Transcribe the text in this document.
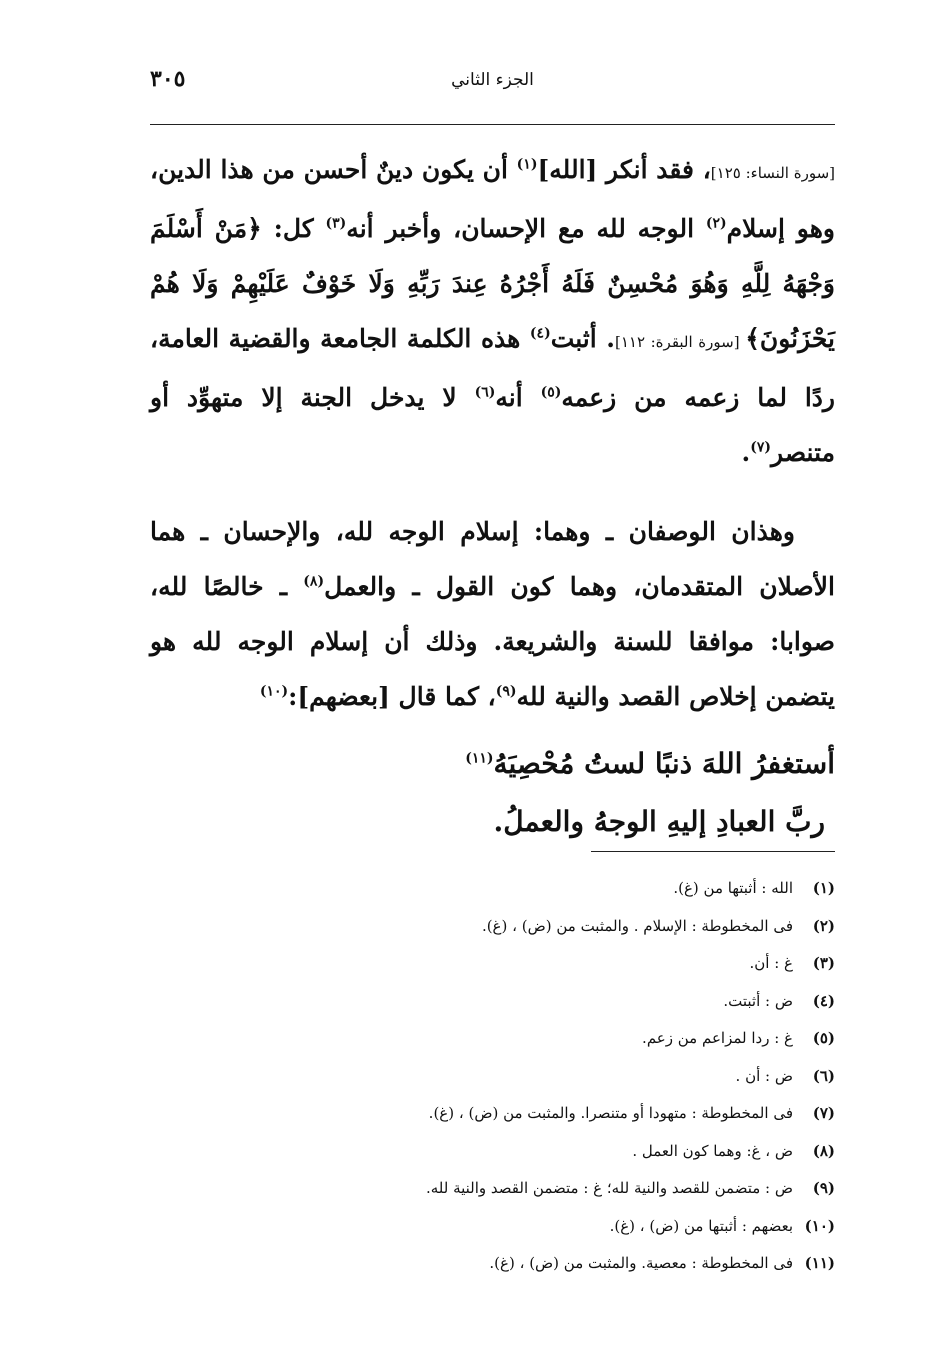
الجزء الثاني
٣٠٥

[سورة النساء: ١٢٥]، فقد أنكر [الله]$^{(١)}$ أن يكون دينٌ أحسن من هذا الدين، وهو إسلام$^{(٢)}$ الوجه لله مع الإحسان، وأخبر أنه$^{(٣)}$ كل: ﴿مَنْ أَسْلَمَ وَجْهَهُ لِلَّهِ وَهُوَ مُحْسِنٌ فَلَهُ أَجْرُهُ عِندَ رَبِّهِ وَلَا خَوْفٌ عَلَيْهِمْ وَلَا هُمْ يَحْزَنُونَ﴾ [سورة البقرة: ١١٢]. أثبت$^{(٤)}$ هذه الكلمة الجامعة والقضية العامة، ردًا لما زعمه من زعمه$^{(٥)}$ أنه$^{(٦)}$ لا يدخل الجنة إلا متهوِّد أو متنصر$^{(٧)}$.

وهذان الوصفان ـ وهما: إسلام الوجه لله، والإحسان ـ هما الأصلان المتقدمان، وهما كون القول ـ والعمل$^{(٨)}$ ـ خالصًا لله، صوابا: موافقا للسنة والشريعة. وذلك أن إسلام الوجه لله هو يتضمن إخلاص القصد والنية لله$^{(٩)}$، كما قال [بعضهم]:$^{(١٠)}$

أستغفرُ اللهَ ذنبًا لستُ مُحْصِيَهُ$^{(١١)}$
ربَّ العبادِ إليهِ الوجهُ والعملُ.
(١)الله : أثبتها من (غ).
(٢)فى المخطوطة : الإسلام . والمثبت من (ض) ، (غ).
(٣)غ : أن.
(٤)ض : أثبتت.
(٥)غ : ردا لمزاعم من زعم.
(٦)ض : أن .
(٧)فى المخطوطة : متهودا أو متنصرا. والمثبت من (ض) ، (غ).
(٨)ض ، غ: وهما كون العمل .
(٩)ض : متضمن للقصد والنية لله؛ غ : متضمن القصد والنية لله.
(١٠)بعضهم : أثبتها من (ض) ، (غ).
(١١)فى المخطوطة : معصية. والمثبت من (ض) ، (غ).
